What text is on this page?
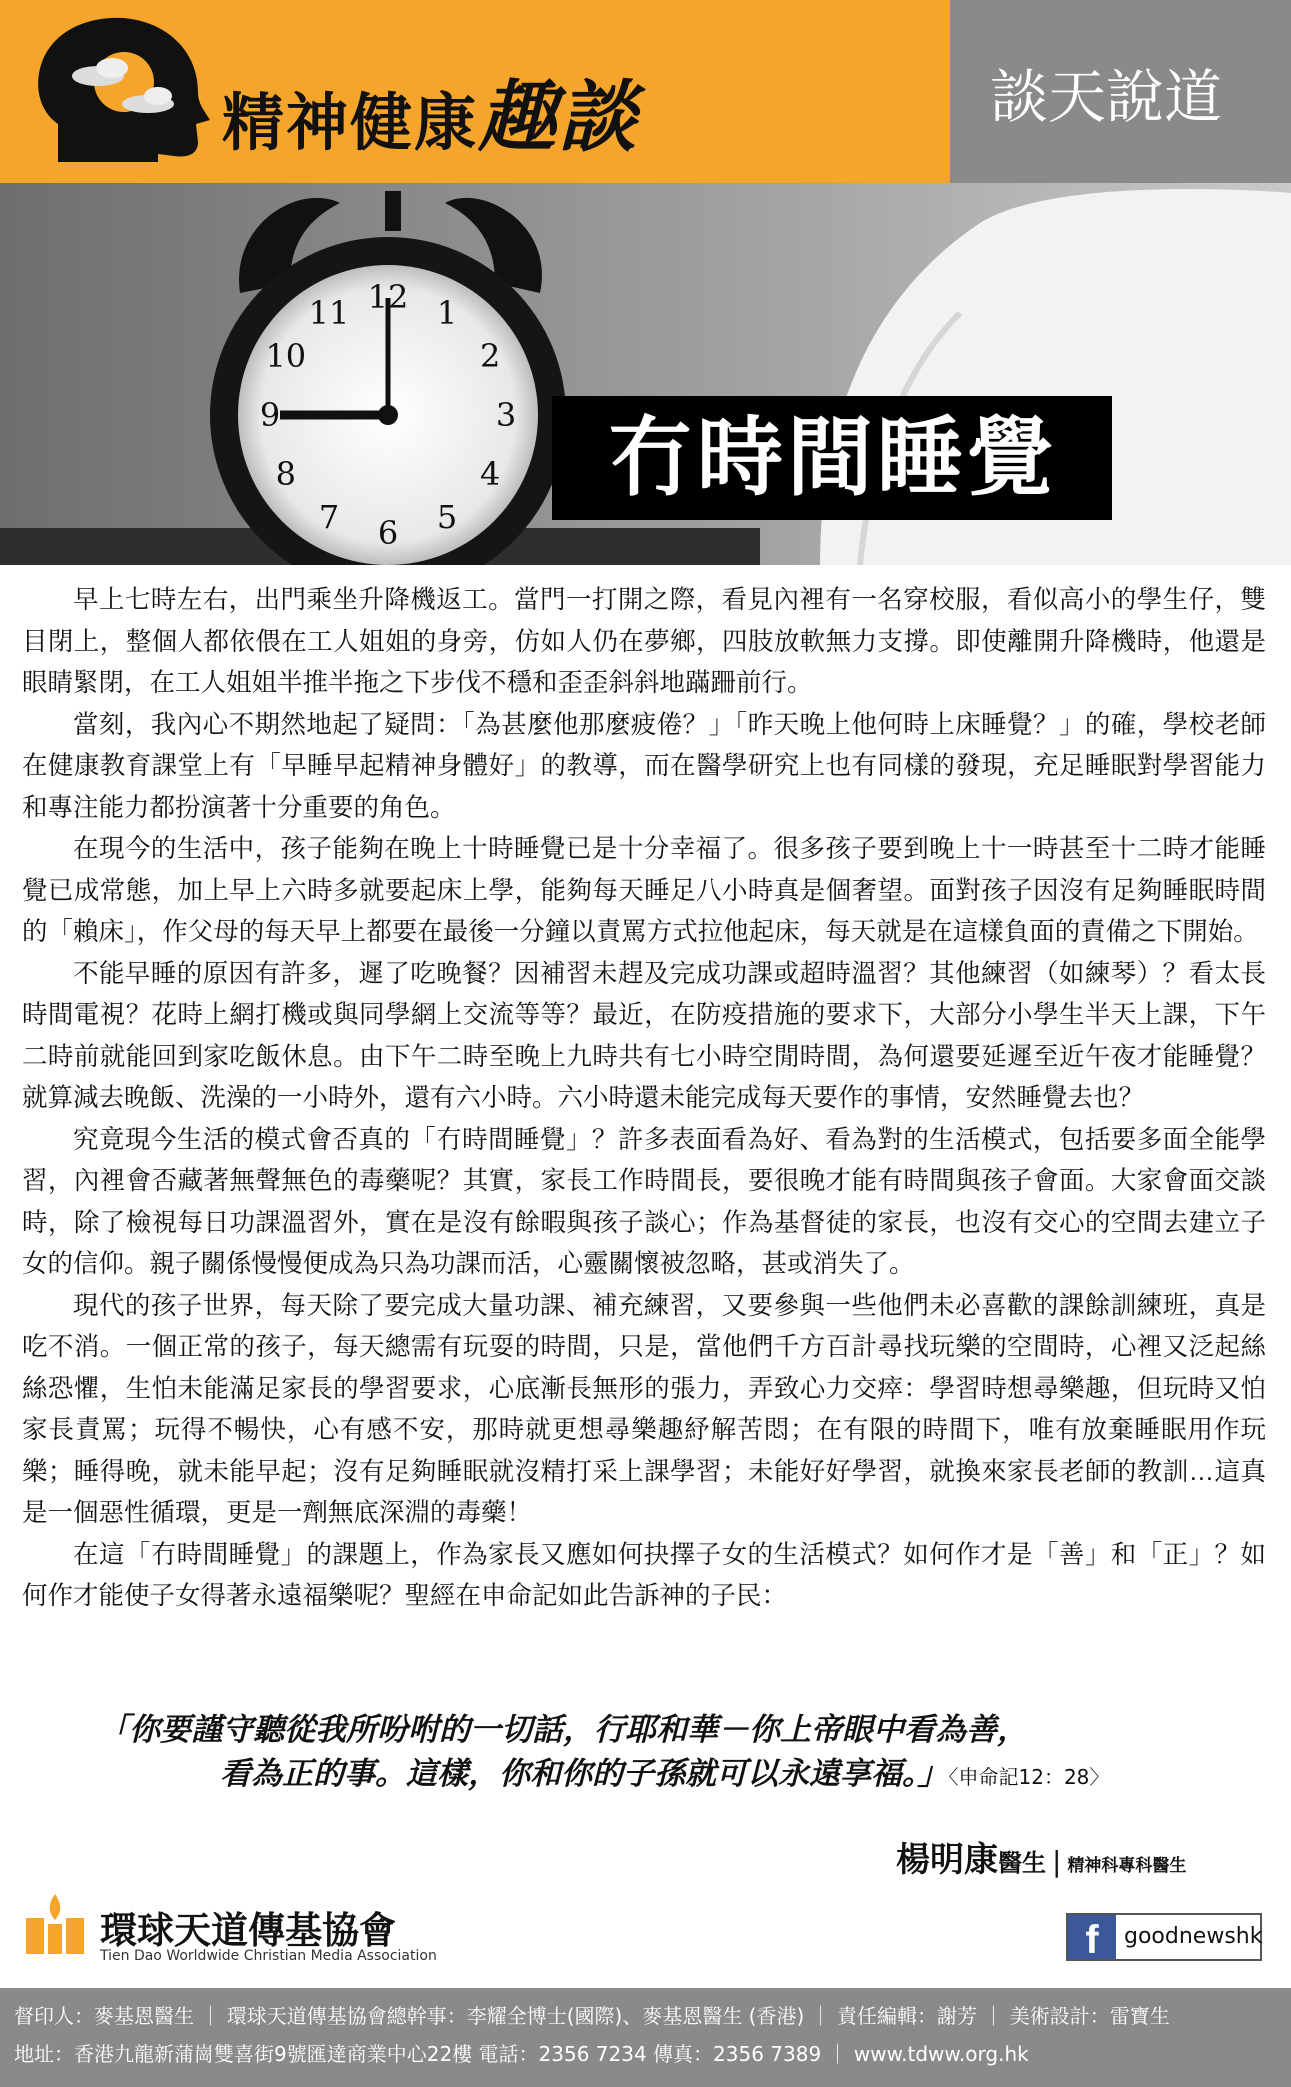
精神健康趣談	談天說道
12 1
2
3
4
5
6
7
8
9
10
11
冇時間睡覺

早上七時左右，出門乘坐升降機返工。當門一打開之際，看見內裡有一名穿校服，看似高小的學生仔，雙目閉上，整個人都依偎在工人姐姐的身旁，仿如人仍在夢鄉，四肢放軟無力支撐。即使離開升降機時，他還是眼睛緊閉，在工人姐姐半推半拖之下步伐不穩和歪歪斜斜地蹣跚前行。

當刻，我內心不期然地起了疑問：「為甚麼他那麼疲倦？」「昨天晚上他何時上床睡覺？」的確，學校老師在健康教育課堂上有「早睡早起精神身體好」的教導，而在醫學研究上也有同樣的發現，充足睡眠對學習能力和專注能力都扮演著十分重要的角色。

在現今的生活中，孩子能夠在晚上十時睡覺已是十分幸福了。很多孩子要到晚上十一時甚至十二時才能睡覺已成常態，加上早上六時多就要起床上學，能夠每天睡足八小時真是個奢望。面對孩子因沒有足夠睡眠時間的「賴床」，作父母的每天早上都要在最後一分鐘以責罵方式拉他起床，每天就是在這樣負面的責備之下開始。

不能早睡的原因有許多，遲了吃晚餐？因補習未趕及完成功課或超時溫習？其他練習（如練琴）？看太長時間電視？花時上網打機或與同學網上交流等等？最近，在防疫措施的要求下，大部分小學生半天上課，下午二時前就能回到家吃飯休息。由下午二時至晚上九時共有七小時空閒時間，為何還要延遲至近午夜才能睡覺？就算減去晚飯、洗澡的一小時外，還有六小時。六小時還未能完成每天要作的事情，安然睡覺去也？

究竟現今生活的模式會否真的「冇時間睡覺」？許多表面看為好、看為對的生活模式，包括要多面全能學習，內裡會否藏著無聲無色的毒藥呢？其實，家長工作時間長，要很晚才能有時間與孩子會面。大家會面交談時，除了檢視每日功課溫習外，實在是沒有餘暇與孩子談心；作為基督徒的家長，也沒有交心的空間去建立子女的信仰。親子關係慢慢便成為只為功課而活，心靈關懷被忽略，甚或消失了。

現代的孩子世界，每天除了要完成大量功課、補充練習，又要參與一些他們未必喜歡的課餘訓練班，真是吃不消。一個正常的孩子，每天總需有玩耍的時間，只是，當他們千方百計尋找玩樂的空間時，心裡又泛起絲絲恐懼，生怕未能滿足家長的學習要求，心底漸長無形的張力，弄致心力交瘁：學習時想尋樂趣，但玩時又怕家長責罵；玩得不暢快，心有感不安，那時就更想尋樂趣紓解苦悶；在有限的時間下，唯有放棄睡眠用作玩樂；睡得晚，就未能早起；沒有足夠睡眠就沒精打采上課學習；未能好好學習，就換來家長老師的教訓…這真是一個惡性循環，更是一劑無底深淵的毒藥！

在這「冇時間睡覺」的課題上，作為家長又應如何抉擇子女的生活模式？如何作才是「善」和「正」？如何作才能使子女得著永遠福樂呢？聖經在申命記如此告訴神的子民：

「你要謹守聽從我所吩咐的一切話，行耶和華－你上帝眼中看為善，
看為正的事。這樣，你和你的子孫就可以永遠享福。」〈申命記12：28〉
楊明康醫生 | 精神科專科醫生
環球天道傳基協會
Tien Dao Worldwide Christian Media Association	f	goodnewshk
督印人：麥基恩醫生 ｜ 環球天道傳基協會總幹事：李耀全博士(國際)、麥基恩醫生 (香港) ｜ 責任編輯：謝芳 ｜ 美術設計：雷寶生
地址：香港九龍新蒲崗雙喜街9號匯達商業中心22樓 電話：2356 7234 傳真：2356 7389 ｜ www.tdww.org.hk
